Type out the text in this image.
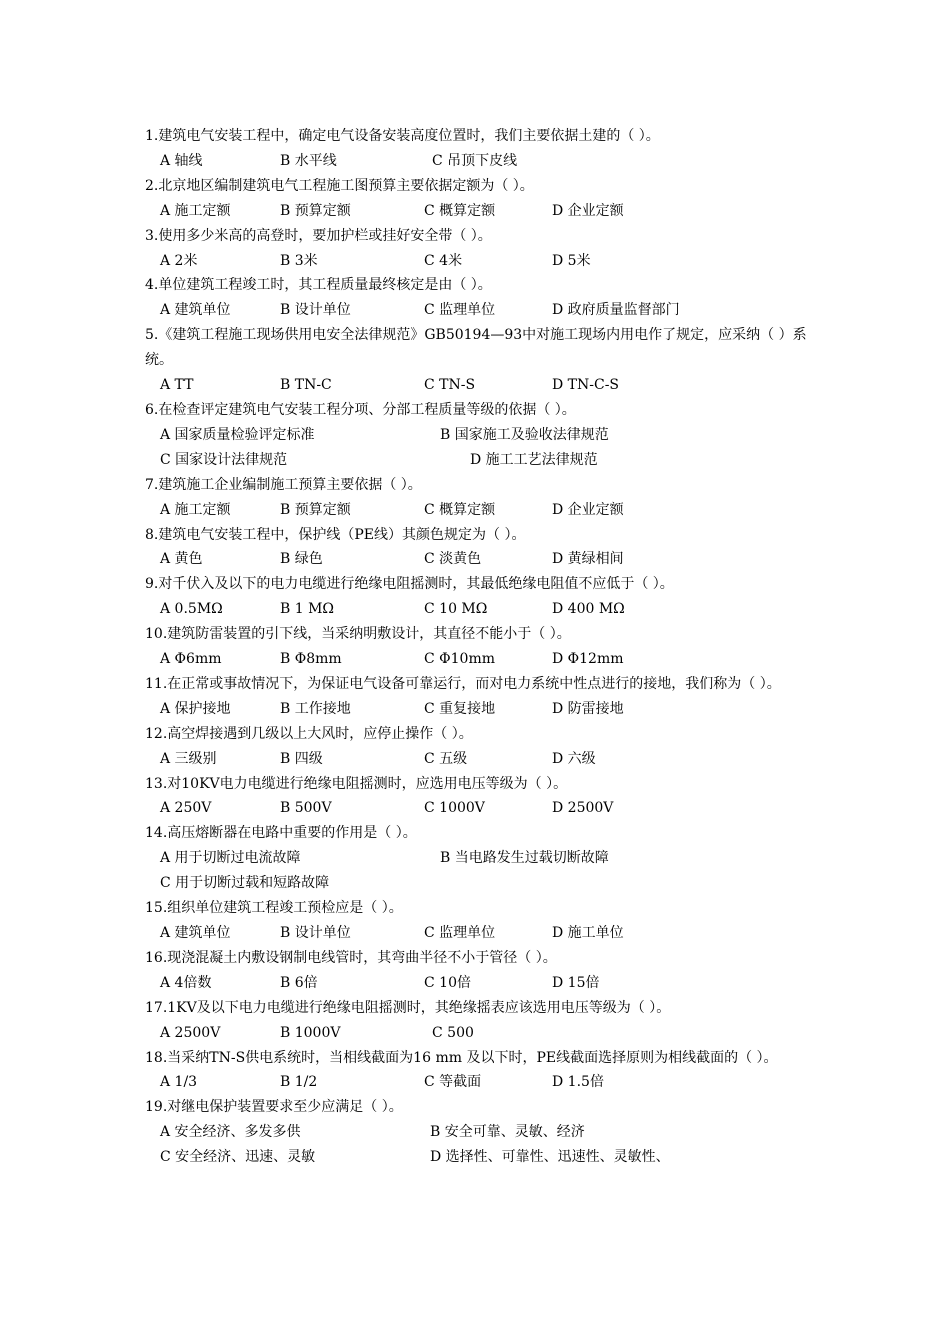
1.建筑电气安装工程中，确定电气设备安装高度位置时，我们主要依据土建的（ ）。

A 轴线	B 水平线	C 吊顶下皮线

2.北京地区编制建筑电气工程施工图预算主要依据定额为（ ）。

A 施工定额	B 预算定额	C 概算定额	D 企业定额

3.使用多少米高的高登时，要加护栏或挂好安全带（ ）。

A 2米	B 3米	C 4米	D 5米

4.单位建筑工程竣工时，其工程质量最终核定是由（ ）。

A 建筑单位	B 设计单位	C 监理单位	D 政府质量监督部门

5.《建筑工程施工现场供用电安全法律规范》GB50194—93中对施工现场内用电作了规定，应采纳（ ）系统。

A TT	B TN-C	C TN-S	D TN-C-S

6.在检查评定建筑电气安装工程分项、分部工程质量等级的依据（ ）。

A 国家质量检验评定标准	B 国家施工及验收法律规范
C 国家设计法律规范	D 施工工艺法律规范

7.建筑施工企业编制施工预算主要依据（ ）。

A 施工定额	B 预算定额	C 概算定额	D 企业定额

8.建筑电气安装工程中，保护线（PE线）其颜色规定为（ ）。

A 黄色	B 绿色	C 淡黄色	D 黄绿相间

9.对千伏入及以下的电力电缆进行绝缘电阻摇测时，其最低绝缘电阻值不应低于（ ）。

A 0.5MΩ	B 1 MΩ	C 10 MΩ	D 400 MΩ

10.建筑防雷装置的引下线，当采纳明敷设计，其直径不能小于（ ）。

A Φ6mm	B Φ8mm	C Φ10mm	D Φ12mm

11.在正常或事故情况下，为保证电气设备可靠运行，而对电力系统中性点进行的接地，我们称为（ ）。

A 保护接地	B 工作接地	C 重复接地	D 防雷接地

12.高空焊接遇到几级以上大风时，应停止操作（ ）。

A 三级别	B 四级	C 五级	D 六级

13.对10KV电力电缆进行绝缘电阻摇测时，应选用电压等级为（ ）。

A 250V	B 500V	C 1000V	D 2500V

14.高压熔断器在电路中重要的作用是（ ）。

A 用于切断过电流故障	B 当电路发生过载切断故障
C 用于切断过载和短路故障

15.组织单位建筑工程竣工预检应是（ ）。

A 建筑单位	B 设计单位	C 监理单位	D 施工单位

16.现浇混凝土内敷设钢制电线管时，其弯曲半径不小于管径（ ）。

A 4倍数	B 6倍	C 10倍	D 15倍

17.1KV及以下电力电缆进行绝缘电阻摇测时，其绝缘摇表应该选用电压等级为（ ）。

A 2500V	B 1000V	C 500

18.当采纳TN-S供电系统时，当相线截面为16 mm 及以下时，PE线截面选择原则为相线截面的（ ）。

A 1/3	B 1/2	C 等截面	D 1.5倍

19.对继电保护装置要求至少应满足（ ）。

A 安全经济、多发多供	B 安全可靠、灵敏、经济
C 安全经济、迅速、灵敏	D 选择性、可靠性、迅速性、灵敏性、
